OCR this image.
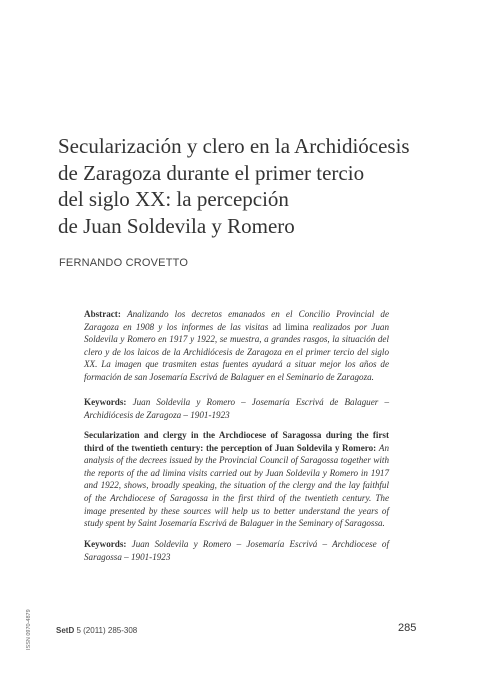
Secularización y clero en la Archidiócesis
de Zaragoza durante el primer tercio
del siglo XX: la percepción
de Juan Soldevila y Romero
FERNANDO CROVETTO
Abstract: Analizando los decretos emanados en el Concilio Provincial de Zaragoza en 1908 y los informes de las visitas ad limina realizados por Juan Soldevila y Romero en 1917 y 1922, se muestra, a grandes rasgos, la situación del clero y de los laicos de la Archidiócesis de Zaragoza en el primer tercio del siglo XX. La imagen que trasmiten estas fuentes ayudará a situar mejor los años de formación de san Josemaría Escrivá de Balaguer en el Seminario de Zaragoza.
Keywords: Juan Soldevila y Romero – Josemaría Escrivá de Balaguer – Archidiócesis de Zaragoza – 1901-1923
Secularization and clergy in the Archdiocese of Saragossa during the first third of the twentieth century: the perception of Juan Soldevila y Romero: An analysis of the decrees issued by the Provincial Council of Saragossa together with the reports of the ad limina visits carried out by Juan Soldevila y Romero in 1917 and 1922, shows, broadly speaking, the situation of the clergy and the lay faithful of the Archdiocese of Saragossa in the first third of the twentieth century. The image presented by these sources will help us to better understand the years of study spent by Saint Josemaría Escrivá de Balaguer in the Seminary of Saragossa.
Keywords: Juan Soldevila y Romero – Josemaría Escrivá – Archdiocese of Saragossa – 1901-1923
ISSN 0970-4879	SetD 5 (2011) 285-308	285
